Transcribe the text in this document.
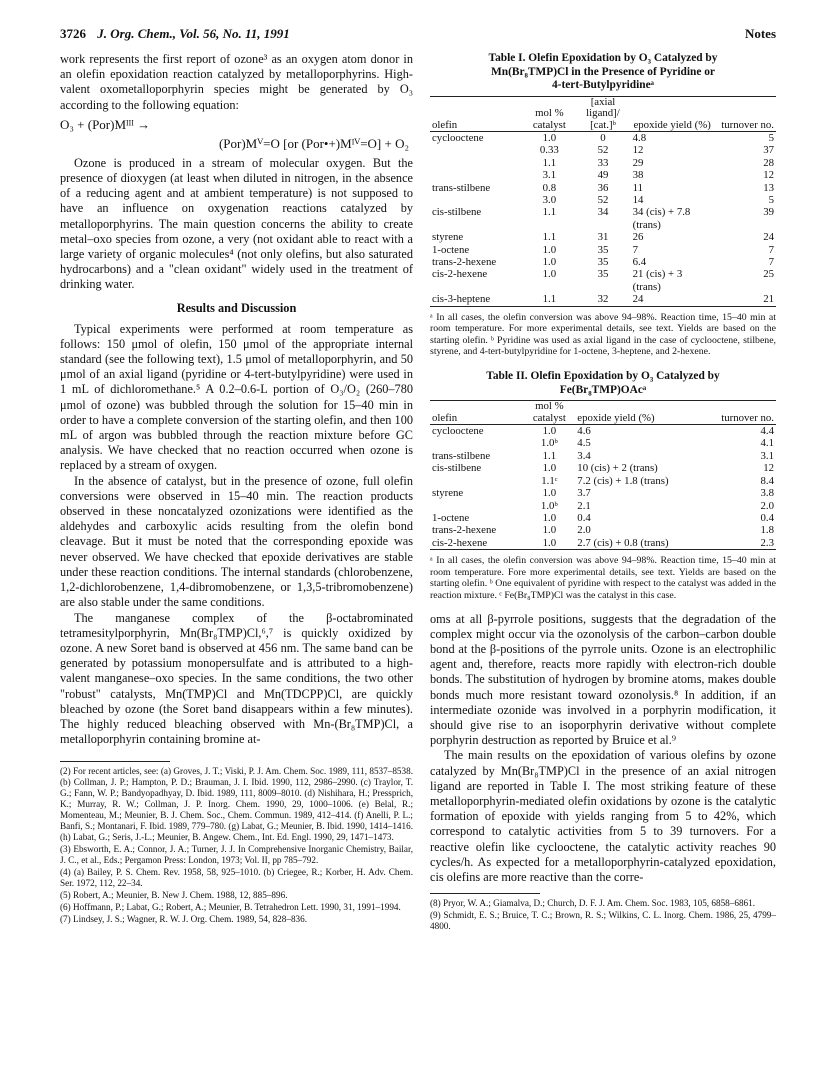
3726 J. Org. Chem., Vol. 56, No. 11, 1991	Notes

work represents the first report of ozone³ as an oxygen atom donor in an olefin epoxidation reaction catalyzed by metalloporphyrins. High-valent oxometalloporphyrin species might be generated by O₃ according to the following equation:

O₃ + (Por)Mᴵᴵᴵ →

(Por)Mⱽ=O [or (Por•+)Mᴵⱽ=O] + O₂

Ozone is produced in a stream of molecular oxygen. But the presence of dioxygen (at least when diluted in nitrogen, in the absence of a reducing agent and at ambient temperature) is not supposed to have an influence on oxygenation reactions catalyzed by metalloporphyrins. The main question concerns the ability to create metal–oxo species from ozone, a very (not oxidant able to react with a large variety of organic molecules⁴ (not only olefins, but also saturated hydrocarbons) and a "clean oxidant" widely used in the treatment of drinking water.

Results and Discussion

Typical experiments were performed at room temperature as follows: 150 μmol of olefin, 150 μmol of the appropriate internal standard (see the following text), 1.5 μmol of metalloporphyrin, and 50 μmol of an axial ligand (pyridine or 4-tert-butylpyridine) were used in 1 mL of dichloromethane.⁵ A 0.2–0.6-L portion of O₃/O₂ (260–780 μmol of ozone) was bubbled through the solution for 15–40 min in order to have a complete conversion of the starting olefin, and then 100 mL of argon was bubbled through the reaction mixture before GC analysis. We have checked that no reaction occurred when ozone is replaced by a stream of oxygen.

In the absence of catalyst, but in the presence of ozone, full olefin conversions were observed in 15–40 min. The reaction products observed in these noncatalyzed ozonizations were identified as the aldehydes and carboxylic acids resulting from the olefin bond cleavage. But it must be noted that the corresponding epoxide was never observed. We have checked that epoxide derivatives are stable under these reaction conditions. The internal standards (chlorobenzene, 1,2-dichlorobenzene, 1,4-dibromobenzene, or 1,3,5-tribromobenzene) are also stable under the same conditions.

The manganese complex of the β-octabrominated tetramesitylporphyrin, Mn(Br₈TMP)Cl,⁶,⁷ is quickly oxidized by ozone. A new Soret band is observed at 456 nm. The same band can be generated by potassium monopersulfate and is attributed to a high-valent manganese–oxo species. In the same conditions, the two other "robust" catalysts, Mn(TMP)Cl and Mn(TDCPP)Cl, are quickly bleached by ozone (the Soret band disappears within a few minutes). The highly reduced bleaching observed with Mn-(Br₈TMP)Cl, a metalloporphyrin containing bromine at-

(2) For recent articles, see: (a) Groves, J. T.; Viski, P. J. Am. Chem. Soc. 1989, 111, 8537–8538. (b) Collman, J. P.; Hampton, P. D.; Brauman, J. I. Ibid. 1990, 112, 2986–2990. (c) Traylor, T. G.; Fann, W. P.; Bandyopadhyay, D. Ibid. 1989, 111, 8009–8010. (d) Nishihara, H.; Pressprich, K.; Murray, R. W.; Collman, J. P. Inorg. Chem. 1990, 29, 1000–1006. (e) Belal, R.; Momenteau, M.; Meunier, B. J. Chem. Soc., Chem. Commun. 1989, 412–414. (f) Anelli, P. L.; Banfi, S.; Montanari, F. Ibid. 1989, 779–780. (g) Labat, G.; Meunier, B. Ibid. 1990, 1414–1416. (h) Labat, G.; Seris, J.-L.; Meunier, B. Angew. Chem., Int. Ed. Engl. 1990, 29, 1471–1473.

(3) Ebsworth, E. A.; Connor, J. A.; Turner, J. J. In Comprehensive Inorganic Chemistry, Bailar, J. C., et al., Eds.; Pergamon Press: London, 1973; Vol. II, pp 785–792.

(4) (a) Bailey, P. S. Chem. Rev. 1958, 58, 925–1010. (b) Criegee, R.; Korber, H. Adv. Chem. Ser. 1972, 112, 22–34.

(5) Robert, A.; Meunier, B. New J. Chem. 1988, 12, 885–896.

(6) Hoffmann, P.; Labat, G.; Robert, A.; Meunier, B. Tetrahedron Lett. 1990, 31, 1991–1994.

(7) Lindsey, J. S.; Wagner, R. W. J. Org. Chem. 1989, 54, 828–836.

Table I. Olefin Epoxidation by O₃ Catalyzed by

Mn(Br₈TMP)Cl in the Presence of Pyridine or

4-tert-Butylpyridineᵃ

olefin	mol % catalyst	[axial ligand]/ [cat.]ᵇ	epoxide yield (%)	turnover no.
cyclooctene	1.0	0	4.8	5
	0.33	52	12	37
	1.1	33	29	28
	3.1	49	38	12
trans-stilbene	0.8	36	11	13
	3.0	52	14	5
cis-stilbene	1.1	34	34 (cis) + 7.8 (trans)	39
styrene	1.1	31	26	24
1-octene	1.0	35	7	7
trans-2-hexene	1.0	35	6.4	7
cis-2-hexene	1.0	35	21 (cis) + 3 (trans)	25
cis-3-heptene	1.1	32	24	21

ᵃ In all cases, the olefin conversion was above 94–98%. Reaction time, 15–40 min at room temperature. For more experimental details, see text. Yields are based on the starting olefin. ᵇ Pyridine was used as axial ligand in the case of cyclooctene, stilbene, styrene, and 4-tert-butylpyridine for 1-octene, 3-heptene, and 2-hexene.

Table II. Olefin Epoxidation by O₃ Catalyzed by

Fe(Br₈TMP)OAcᵃ

olefin	mol % catalyst	epoxide yield (%)	turnover no.
cyclooctene	1.0	4.6	4.4
	1.0ᵇ	4.5	4.1
trans-stilbene	1.1	3.4	3.1
cis-stilbene	1.0	10 (cis) + 2 (trans)	12
	1.1ᶜ	7.2 (cis) + 1.8 (trans)	8.4
styrene	1.0	3.7	3.8
	1.0ᵇ	2.1	2.0
1-octene	1.0	0.4	0.4
trans-2-hexene	1.0	2.0	1.8
cis-2-hexene	1.0	2.7 (cis) + 0.8 (trans)	2.3

ᵃ In all cases, the olefin conversion was above 94–98%. Reaction time, 15–40 min at room temperature. Fore more experimental details, see text. Yields are based on the starting olefin. ᵇ One equivalent of pyridine with respect to the catalyst was added in the reaction mixture. ᶜ Fe(Br₈TMP)Cl was the catalyst in this case.

oms at all β-pyrrole positions, suggests that the degradation of the complex might occur via the ozonolysis of the carbon–carbon double bond at the β-positions of the pyrrole units. Ozone is an electrophilic agent and, therefore, reacts more rapidly with electron-rich double bonds. The substitution of hydrogen by bromine atoms, makes double bonds much more resistant toward ozonolysis.⁸ In addition, if an intermediate ozonide was involved in a porphyrin modification, it should give rise to an isoporphyrin derivative without complete porphyrin destruction as reported by Bruice et al.⁹

The main results on the epoxidation of various olefins by ozone catalyzed by Mn(Br₈TMP)Cl in the presence of an axial nitrogen ligand are reported in Table I. The most striking feature of these metalloporphyrin-mediated olefin oxidations by ozone is the catalytic formation of epoxide with yields ranging from 5 to 42%, which correspond to catalytic activities from 5 to 39 turnovers. For a reactive olefin like cyclooctene, the catalytic activity reaches 90 cycles/h. As expected for a metalloporphyrin-catalyzed epoxidation, cis olefins are more reactive than the corre-

(8) Pryor, W. A.; Giamalva, D.; Church, D. F. J. Am. Chem. Soc. 1983, 105, 6858–6861.

(9) Schmidt, E. S.; Bruice, T. C.; Brown, R. S.; Wilkins, C. L. Inorg. Chem. 1986, 25, 4799–4800.
